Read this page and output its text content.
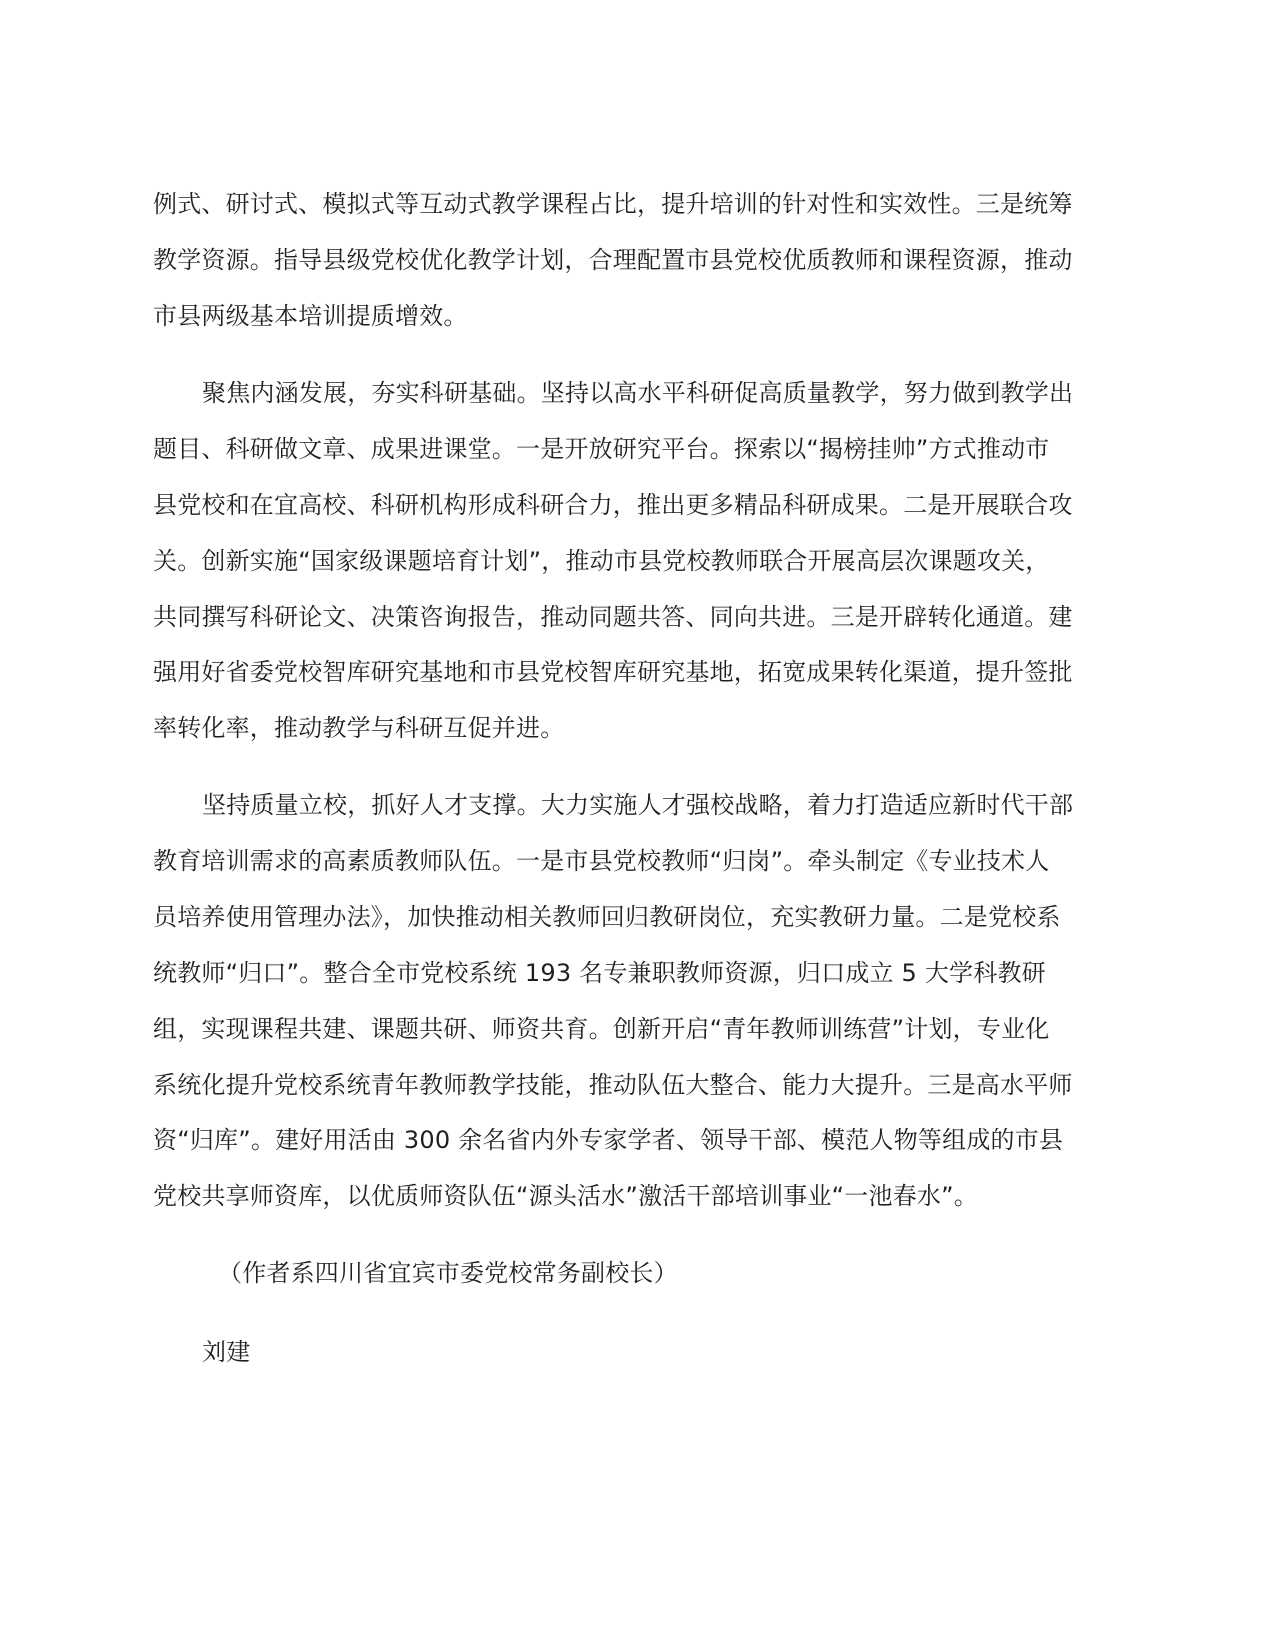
例式、研讨式、模拟式等互动式教学课程占比，提升培训的针对性和实效性。三是统筹
教学资源。指导县级党校优化教学计划，合理配置市县党校优质教师和课程资源，推动
市县两级基本培训提质增效。
聚焦内涵发展，夯实科研基础。坚持以高水平科研促高质量教学，努力做到教学出
题目、科研做文章、成果进课堂。一是开放研究平台。探索以“揭榜挂帅”方式推动市
县党校和在宜高校、科研机构形成科研合力，推出更多精品科研成果。二是开展联合攻
关。创新实施“国家级课题培育计划”，推动市县党校教师联合开展高层次课题攻关，
共同撰写科研论文、决策咨询报告，推动同题共答、同向共进。三是开辟转化通道。建
强用好省委党校智库研究基地和市县党校智库研究基地，拓宽成果转化渠道，提升签批
率转化率，推动教学与科研互促并进。
坚持质量立校，抓好人才支撑。大力实施人才强校战略，着力打造适应新时代干部
教育培训需求的高素质教师队伍。一是市县党校教师“归岗”。牵头制定《专业技术人
员培养使用管理办法》，加快推动相关教师回归教研岗位，充实教研力量。二是党校系
统教师“归口”。整合全市党校系统 193 名专兼职教师资源，归口成立 5 大学科教研
组，实现课程共建、课题共研、师资共育。创新开启“青年教师训练营”计划，专业化
系统化提升党校系统青年教师教学技能，推动队伍大整合、能力大提升。三是高水平师
资“归库”。建好用活由 300 余名省内外专家学者、领导干部、模范人物等组成的市县
党校共享师资库，以优质师资队伍“源头活水”激活干部培训事业“一池春水”。
（作者系四川省宜宾市委党校常务副校长）
刘建
